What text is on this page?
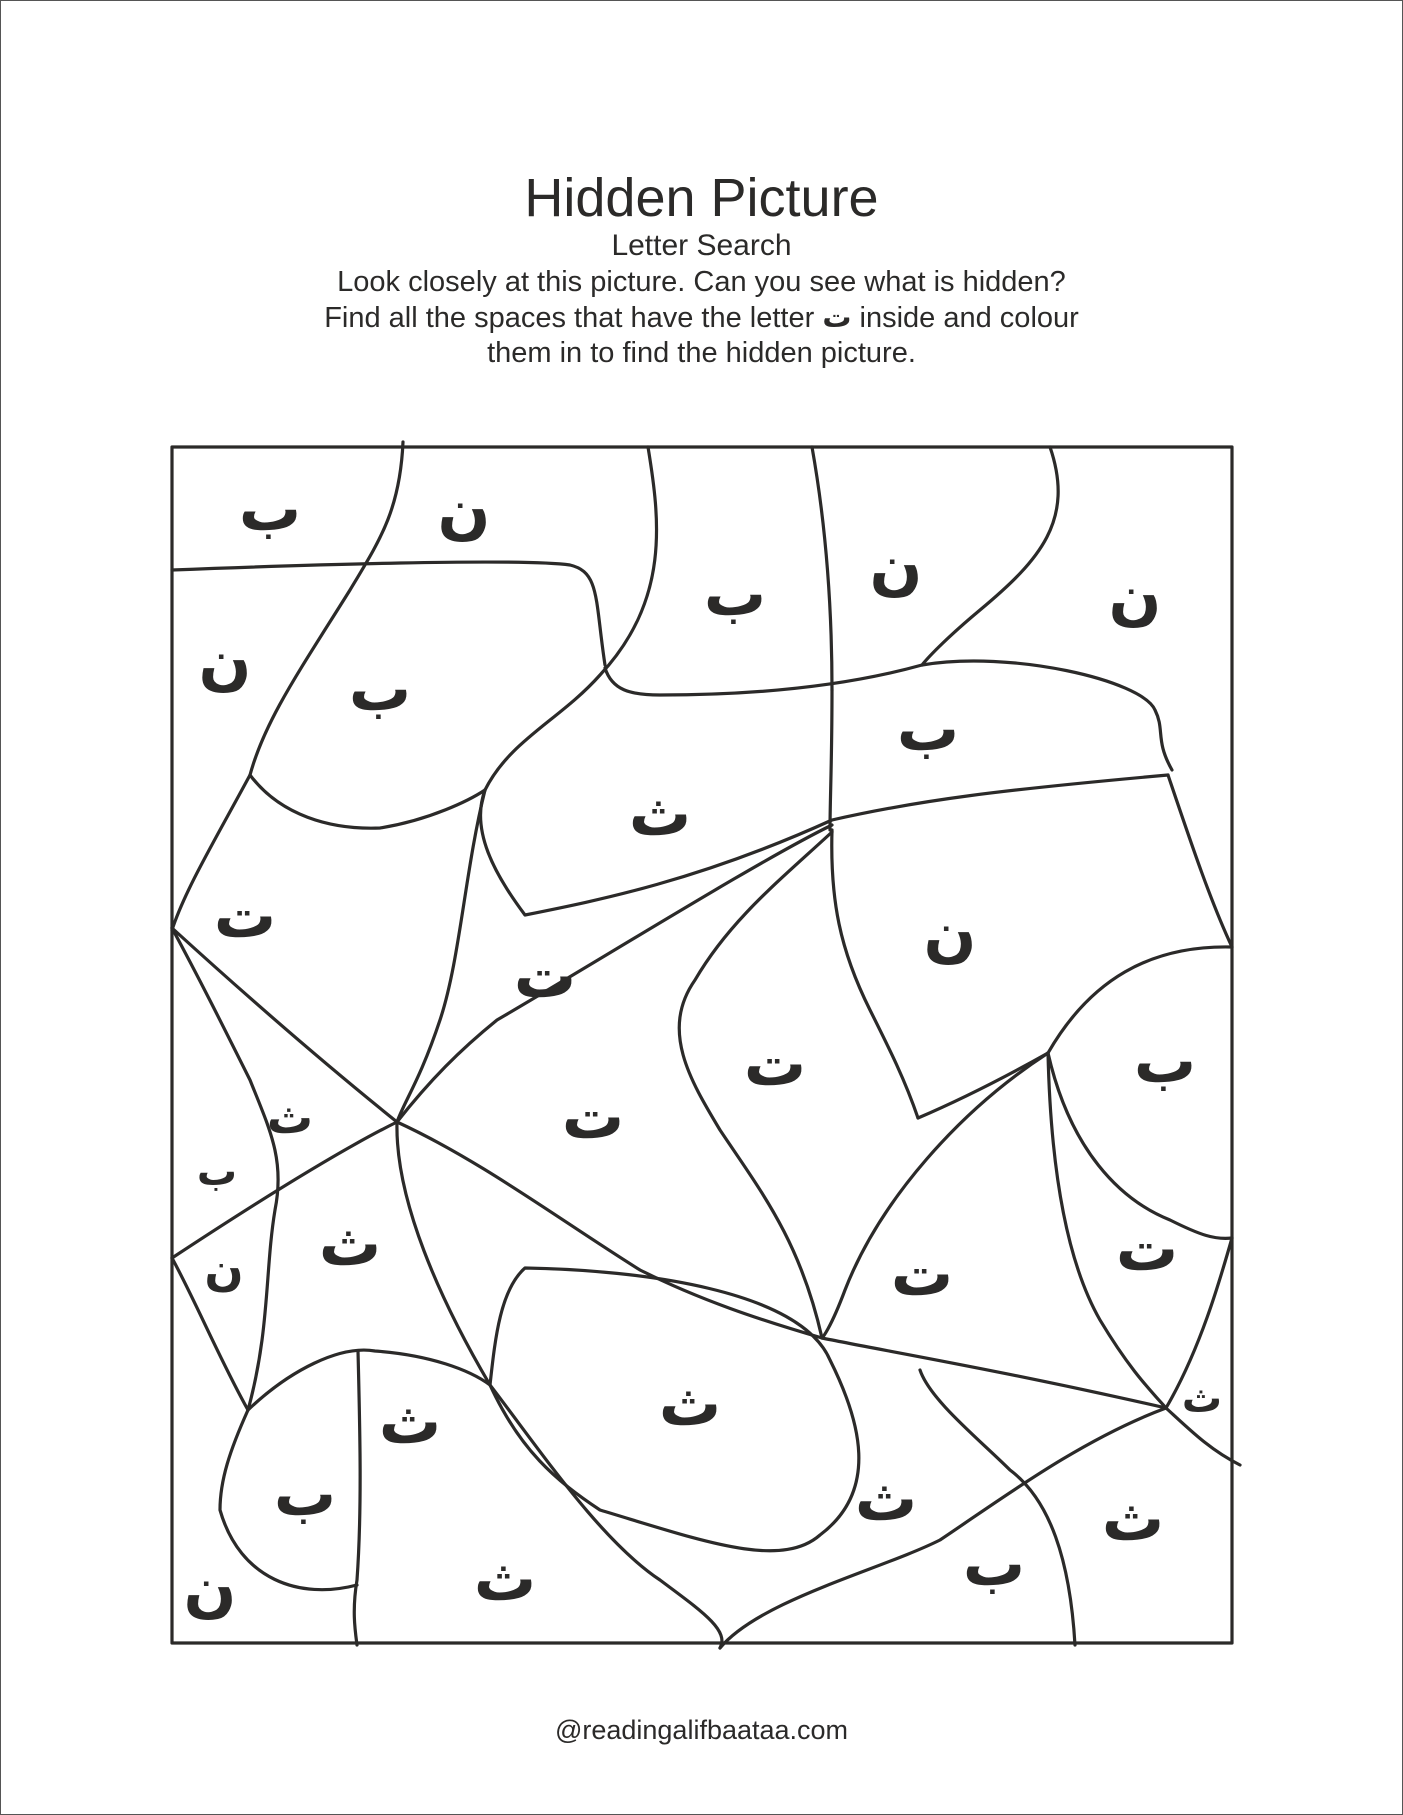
Hidden Picture
Letter Search
Look closely at this picture. Can you see what is hidden?
Find all the spaces that have the letter ت inside and colour
them in to find the hidden picture.
ب ن
ن ب
ن	ن
ب
ب
ث
ت
ت
ن
ت
ت
ث
ب
ب
ث
ن	ت	ت
ث	ث
ث
ب	ث	ث
ن	ث	ب
@readingalifbaataa.com
